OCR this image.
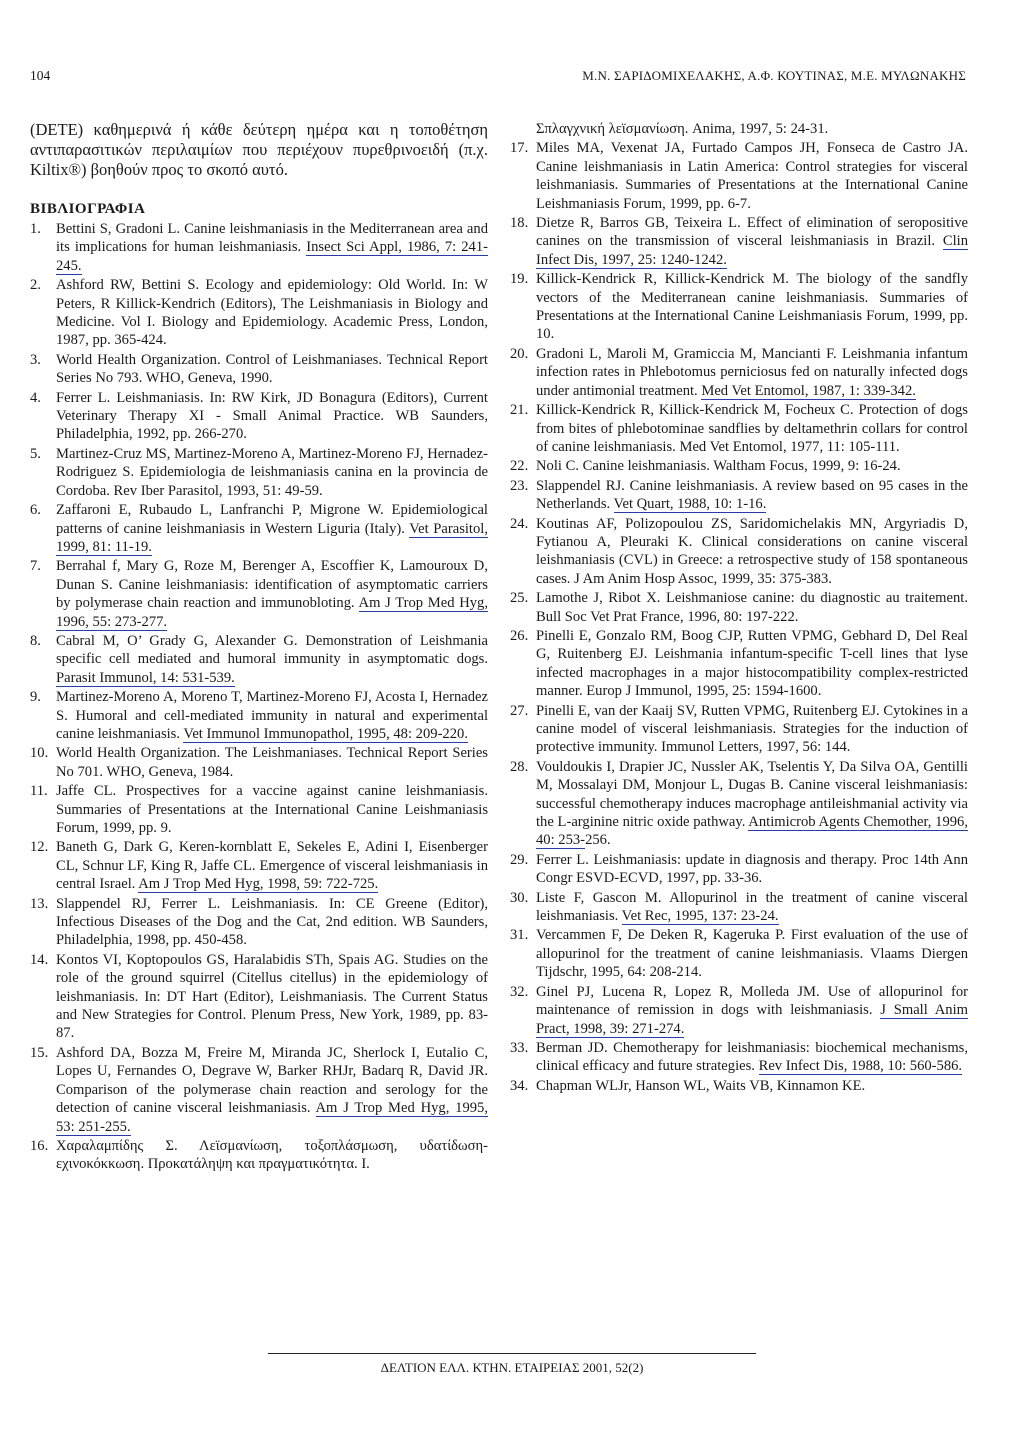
104	Μ.Ν. ΣΑΡΙΔΟΜΙΧΕΛΑΚΗΣ, Α.Φ. ΚΟΥΤΙΝΑΣ, Μ.Ε. ΜΥΛΩΝΑΚΗΣ

(DETE) καθημερινά ή κάθε δεύτερη ημέρα και η τοποθέτηση αντιπαρασιτικών περιλαιμίων που περιέχουν πυρεθρινοειδή (π.χ. Kiltix®) βοηθούν προς το σκοπό αυτό.

ΒΙΒΛΙΟΓΡΑΦΙΑ
1.	Bettini S, Gradoni L. Canine leishmaniasis in the Mediterranean area and its implications for human leishmaniasis. Insect Sci Appl, 1986, 7: 241-245.
2.	Ashford RW, Bettini S. Ecology and epidemiology: Old World. In: W Peters, R Killick-Kendrich (Editors), The Leishmaniasis in Biology and Medicine. Vol I. Biology and Epidemiology. Academic Press, London, 1987, pp. 365-424.
3.	World Health Organization. Control of Leishmaniases. Technical Report Series No 793. WHO, Geneva, 1990.
4.	Ferrer L. Leishmaniasis. In: RW Kirk, JD Bonagura (Editors), Current Veterinary Therapy XI - Small Animal Practice. WB Saunders, Philadelphia, 1992, pp. 266-270.
5.	Martinez-Cruz MS, Martinez-Moreno A, Martinez-Moreno FJ, Hernadez-Rodriguez S. Epidemiologia de leishmaniasis canina en la provincia de Cordoba. Rev Iber Parasitol, 1993, 51: 49-59.
6.	Zaffaroni E, Rubaudo L, Lanfranchi P, Migrone W. Epidemiological patterns of canine leishmaniasis in Western Liguria (Italy). Vet Parasitol, 1999, 81: 11-19.
7.	Berrahal f, Mary G, Roze M, Berenger A, Escoffier K, Lamouroux D, Dunan S. Canine leishmaniasis: identification of asymptomatic carriers by polymerase chain reaction and immunobloting. Am J Trop Med Hyg, 1996, 55: 273-277.
8.	Cabral M, O’ Grady G, Alexander G. Demonstration of Leishmania specific cell mediated and humoral immunity in asymptomatic dogs. Parasit Immunol, 14: 531-539.
9.	Martinez-Moreno A, Moreno T, Martinez-Moreno FJ, Acosta I, Hernadez S. Humoral and cell-mediated immunity in natural and experimental canine leishmaniasis. Vet Immunol Immunopathol, 1995, 48: 209-220.
10. World Health Organization. The Leishmaniases. Technical Report Series No 701. WHO, Geneva, 1984.
11. Jaffe CL. Prospectives for a vaccine against canine leishmaniasis. Summaries of Presentations at the International Canine Leishmaniasis Forum, 1999, pp. 9.
12. Baneth G, Dark G, Keren-kornblatt E, Sekeles E, Adini I, Eisenberger CL, Schnur LF, King R, Jaffe CL. Emergence of visceral leishmaniasis in central Israel. Am J Trop Med Hyg, 1998, 59: 722-725.
13. Slappendel RJ, Ferrer L. Leishmaniasis. In: CE Greene (Editor), Infectious Diseases of the Dog and the Cat, 2nd edition. WB Saunders, Philadelphia, 1998, pp. 450-458.
14. Kontos VI, Koptopoulos GS, Haralabidis STh, Spais AG. Studies on the role of the ground squirrel (Citellus citellus) in the epidemiology of leishmaniasis. In: DT Hart (Editor), Leishmaniasis. The Current Status and New Strategies for Control. Plenum Press, New York, 1989, pp. 83-87.
15. Ashford DA, Bozza M, Freire M, Miranda JC, Sherlock I, Eutalio C, Lopes U, Fernandes O, Degrave W, Barker RHJr, Badarq R, David JR. Comparison of the polymerase chain reaction and serology for the detection of canine visceral leishmaniasis. Am J Trop Med Hyg, 1995, 53: 251-255.
16. Χαραλαμπίδης Σ. Λεϊσμανίωση, τοξοπλάσμωση, υδατίδωση-εχινοκόκκωση. Προκατάληψη και πραγματικότητα. Ι.
Σπλαγχνική λεϊσμανίωση. Anima, 1997, 5: 24-31.
17. Miles MA, Vexenat JA, Furtado Campos JH, Fonseca de Castro JA. Canine leishmaniasis in Latin America: Control strategies for visceral leishmaniasis. Summaries of Presentations at the International Canine Leishmaniasis Forum, 1999, pp. 6-7.
18. Dietze R, Barros GB, Teixeira L. Effect of elimination of seropositive canines on the transmission of visceral leishmaniasis in Brazil. Clin Infect Dis, 1997, 25: 1240-1242.
19. Killick-Kendrick R, Killick-Kendrick M. The biology of the sandfly vectors of the Mediterranean canine leishmaniasis. Summaries of Presentations at the International Canine Leishmaniasis Forum, 1999, pp. 10.
20. Gradoni L, Maroli M, Gramiccia M, Mancianti F. Leishmania infantum infection rates in Phlebotomus perniciosus fed on naturally infected dogs under antimonial treatment. Med Vet Entomol, 1987, 1: 339-342.
21. Killick-Kendrick R, Killick-Kendrick M, Focheux C. Protection of dogs from bites of phlebotominae sandflies by deltamethrin collars for control of canine leishmaniasis. Med Vet Entomol, 1977, 11: 105-111.
22. Noli C. Canine leishmaniasis. Waltham Focus, 1999, 9: 16-24.
23. Slappendel RJ. Canine leishmaniasis. A review based on 95 cases in the Netherlands. Vet Quart, 1988, 10: 1-16.
24. Koutinas AF, Polizopoulou ZS, Saridomichelakis MN, Argyriadis D, Fytianou A, Pleuraki K. Clinical considerations on canine visceral leishmaniasis (CVL) in Greece: a retrospective study of 158 spontaneous cases. J Am Anim Hosp Assoc, 1999, 35: 375-383.
25. Lamothe J, Ribot X. Leishmaniose canine: du diagnostic au traitement. Bull Soc Vet Prat France, 1996, 80: 197-222.
26. Pinelli E, Gonzalo RM, Boog CJP, Rutten VPMG, Gebhard D, Del Real G, Ruitenberg EJ. Leishmania infantum-specific T-cell lines that lyse infected macrophages in a major histocompatibility complex-restricted manner. Europ J Immunol, 1995, 25: 1594-1600.
27. Pinelli E, van der Kaaij SV, Rutten VPMG, Ruitenberg EJ. Cytokines in a canine model of visceral leishmaniasis. Strategies for the induction of protective immunity. Immunol Letters, 1997, 56: 144.
28. Vouldoukis I, Drapier JC, Nussler AK, Tselentis Y, Da Silva OA, Gentilli M, Mossalayi DM, Monjour L, Dugas B. Canine visceral leishmaniasis: successful chemotherapy induces macrophage antileishmanial activity via the L-arginine nitric oxide pathway. Antimicrob Agents Chemother, 1996, 40: 253-256.
29. Ferrer L. Leishmaniasis: update in diagnosis and therapy. Proc 14th Ann Congr ESVD-ECVD, 1997, pp. 33-36.
30. Liste F, Gascon M. Allopurinol in the treatment of canine visceral leishmaniasis. Vet Rec, 1995, 137: 23-24.
31. Vercammen F, De Deken R, Kageruka P. First evaluation of the use of allopurinol for the treatment of canine leishmaniasis. Vlaams Diergen Tijdschr, 1995, 64: 208-214.
32. Ginel PJ, Lucena R, Lopez R, Molleda JM. Use of allopurinol for maintenance of remission in dogs with leishmaniasis. J Small Anim Pract, 1998, 39: 271-274.
33. Berman JD. Chemotherapy for leishmaniasis: biochemical mechanisms, clinical efficacy and future strategies. Rev Infect Dis, 1988, 10: 560-586.
34. Chapman WLJr, Hanson WL, Waits VB, Kinnamon KE.
ΔΕΛΤΙΟΝ ΕΛΛ. ΚΤΗΝ. ΕΤΑΙΡΕΙΑΣ 2001, 52(2)
